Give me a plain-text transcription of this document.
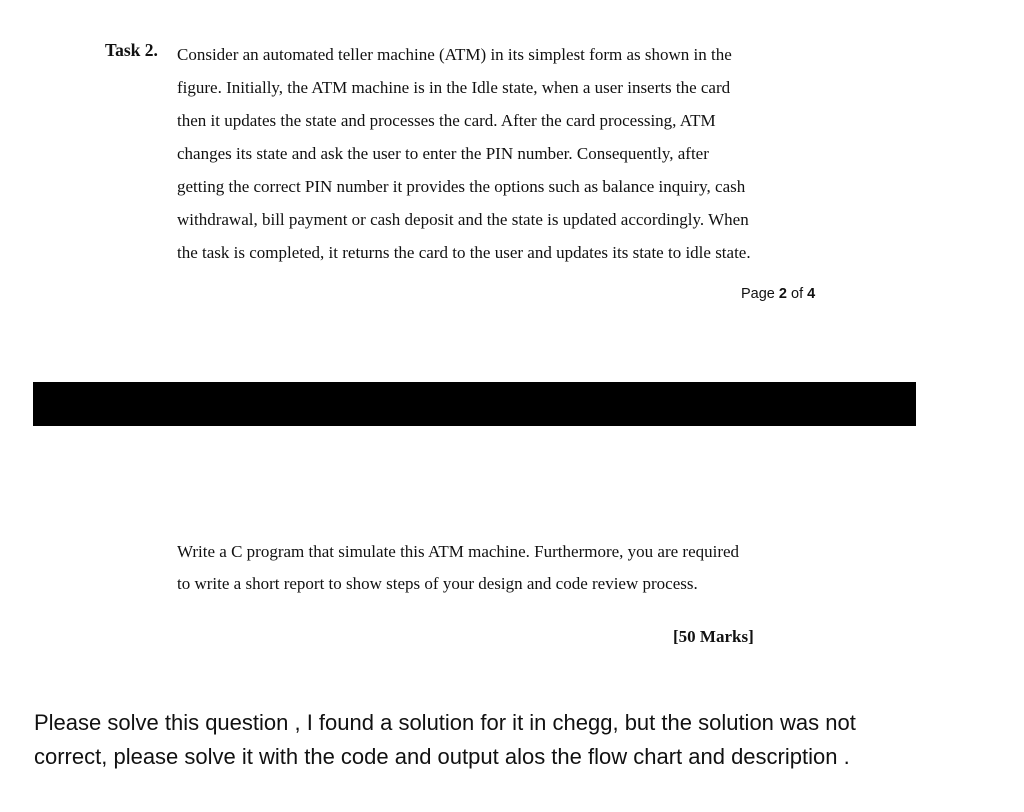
Task 2. Consider an automated teller machine (ATM) in its simplest form as shown in the
figure. Initially, the ATM machine is in the Idle state, when a user inserts the card
then it updates the state and processes the card. After the card processing, ATM
changes its state and ask the user to enter the PIN number. Consequently, after
getting the correct PIN number it provides the options such as balance inquiry, cash
withdrawal, bill payment or cash deposit and the state is updated accordingly. When
the task is completed, it returns the card to the user and updates its state to idle state.
Page 2 of 4
Write a C program that simulate this ATM machine. Furthermore, you are required
to write a short report to show steps of your design and code review process.
[50 Marks]
Please solve this question , I found a solution for it in chegg, but the solution was not
correct, please solve it with the code and output alos the flow chart and description .
